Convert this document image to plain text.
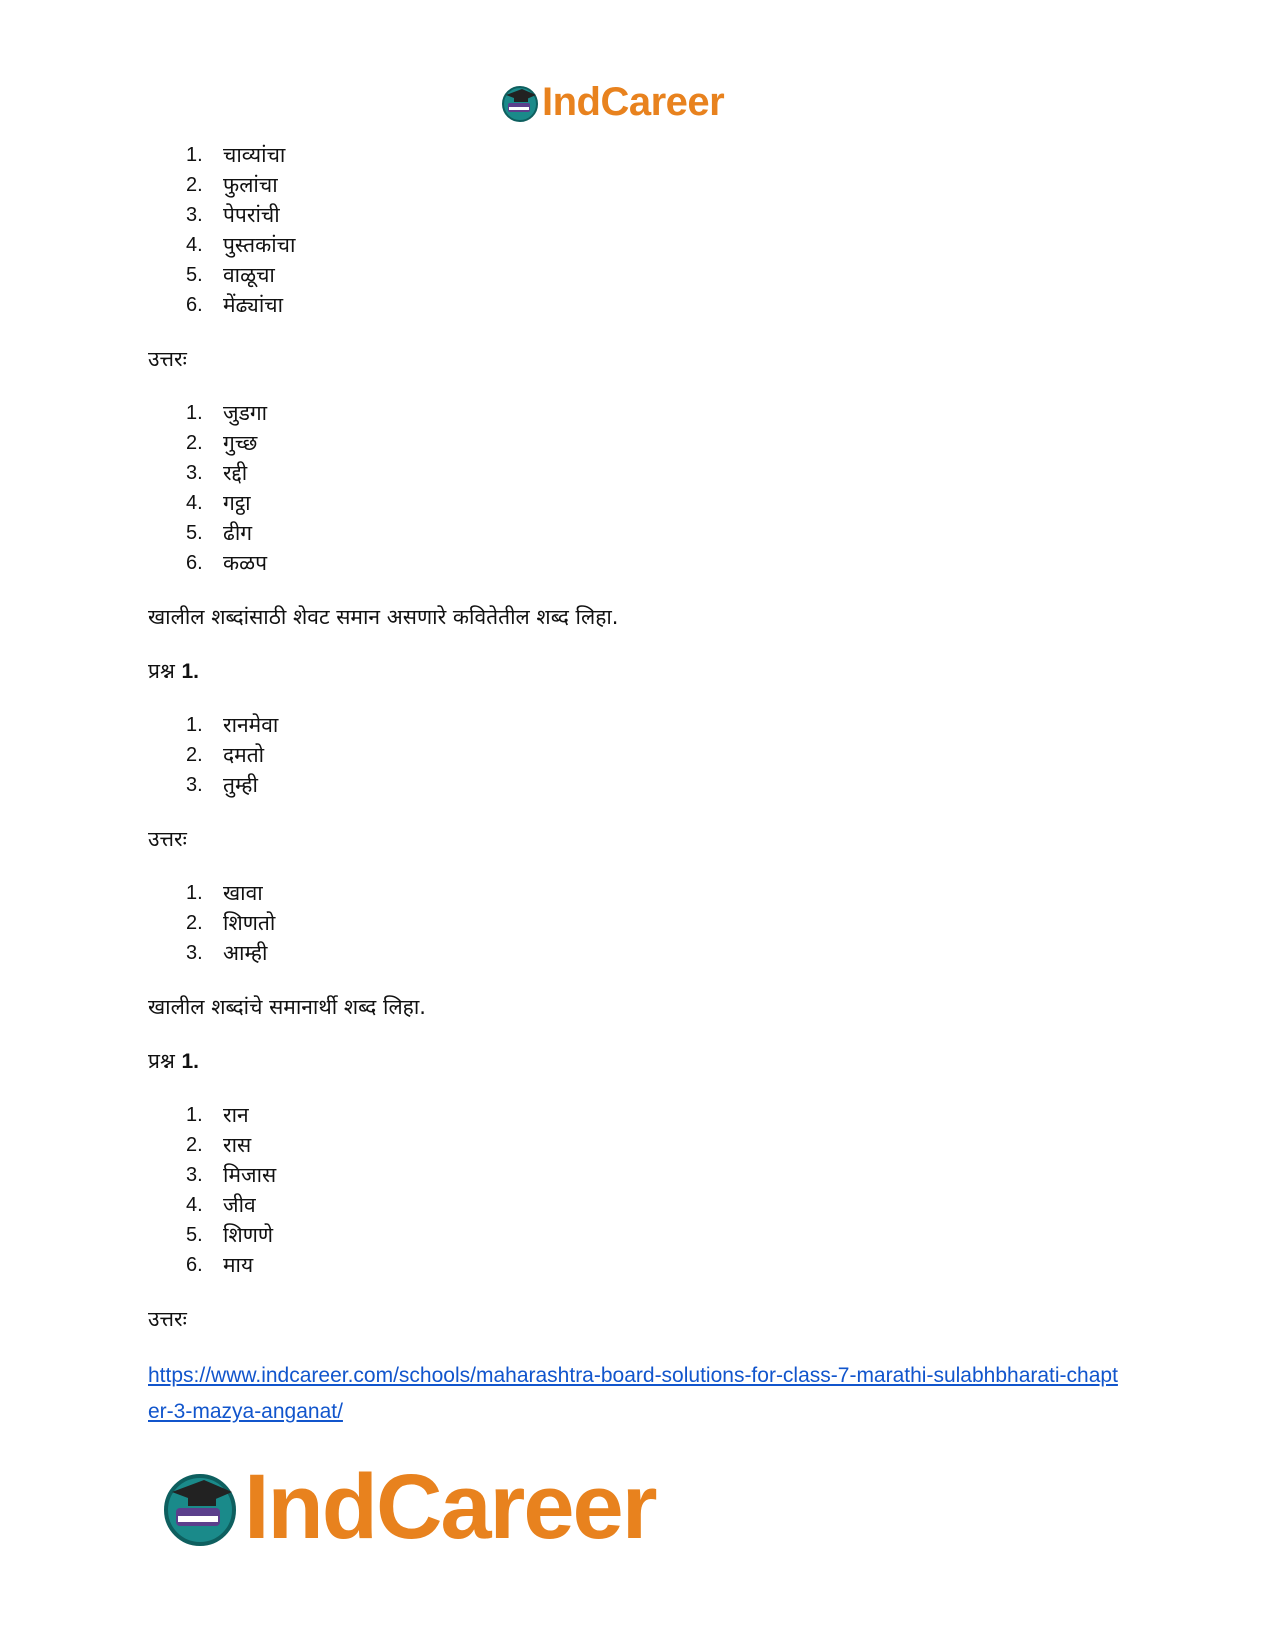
IndCareer
1. चाव्यांचा
2. फुलांचा
3. पेपरांची
4. पुस्तकांचा
5. वाळूचा
6. मेंढ्यांचा
उत्तरः
1. जुडगा
2. गुच्छ
3. रद्दी
4. गट्ठा
5. ढीग
6. कळप
खालील शब्दांसाठी शेवट समान असणारे कवितेतील शब्द लिहा.
प्रश्न 1.
1. रानमेवा
2. दमतो
3. तुम्ही
उत्तरः
1. खावा
2. शिणतो
3. आम्ही
खालील शब्दांचे समानार्थी शब्द लिहा.
प्रश्न 1.
1. रान
2. रास
3. मिजास
4. जीव
5. शिणणे
6. माय
उत्तरः
https://www.indcareer.com/schools/maharashtra-board-solutions-for-class-7-marathi-sulabhbharati-chapter-3-mazya-anganat/
IndCareer
